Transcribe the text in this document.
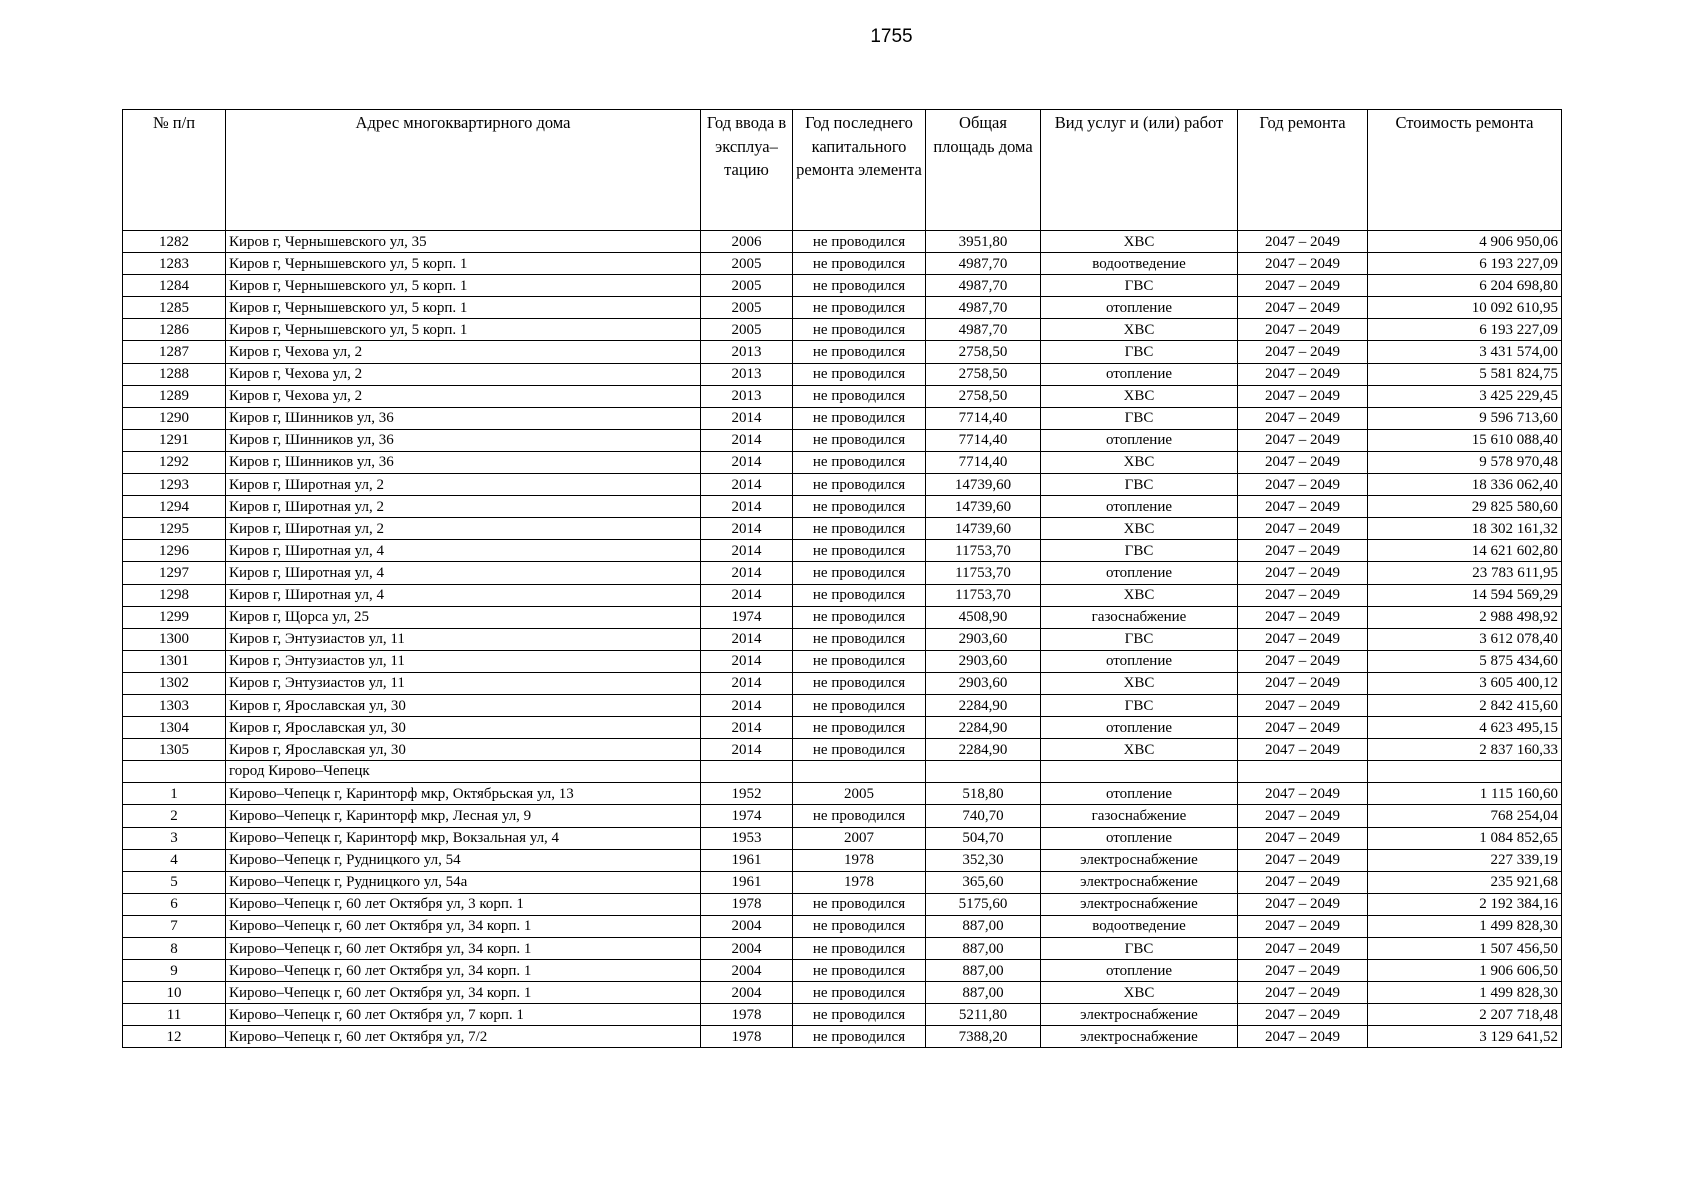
1755
№ п/п	Адрес многоквартирного дома	Год ввода в эксплуа–тацию	Год последнего капитального ремонта элемента	Общая площадь дома	Вид услуг и (или) работ	Год ремонта	Стоимость ремонта
1282	Киров г, Чернышевского ул, 35	2006	не проводился	3951,80	ХВС	2047 – 2049	4 906 950,06
1283	Киров г, Чернышевского ул, 5 корп. 1	2005	не проводился	4987,70	водоотведение	2047 – 2049	6 193 227,09
1284	Киров г, Чернышевского ул, 5 корп. 1	2005	не проводился	4987,70	ГВС	2047 – 2049	6 204 698,80
1285	Киров г, Чернышевского ул, 5 корп. 1	2005	не проводился	4987,70	отопление	2047 – 2049	10 092 610,95
1286	Киров г, Чернышевского ул, 5 корп. 1	2005	не проводился	4987,70	ХВС	2047 – 2049	6 193 227,09
1287	Киров г, Чехова ул, 2	2013	не проводился	2758,50	ГВС	2047 – 2049	3 431 574,00
1288	Киров г, Чехова ул, 2	2013	не проводился	2758,50	отопление	2047 – 2049	5 581 824,75
1289	Киров г, Чехова ул, 2	2013	не проводился	2758,50	ХВС	2047 – 2049	3 425 229,45
1290	Киров г, Шинников ул, 36	2014	не проводился	7714,40	ГВС	2047 – 2049	9 596 713,60
1291	Киров г, Шинников ул, 36	2014	не проводился	7714,40	отопление	2047 – 2049	15 610 088,40
1292	Киров г, Шинников ул, 36	2014	не проводился	7714,40	ХВС	2047 – 2049	9 578 970,48
1293	Киров г, Широтная ул, 2	2014	не проводился	14739,60	ГВС	2047 – 2049	18 336 062,40
1294	Киров г, Широтная ул, 2	2014	не проводился	14739,60	отопление	2047 – 2049	29 825 580,60
1295	Киров г, Широтная ул, 2	2014	не проводился	14739,60	ХВС	2047 – 2049	18 302 161,32
1296	Киров г, Широтная ул, 4	2014	не проводился	11753,70	ГВС	2047 – 2049	14 621 602,80
1297	Киров г, Широтная ул, 4	2014	не проводился	11753,70	отопление	2047 – 2049	23 783 611,95
1298	Киров г, Широтная ул, 4	2014	не проводился	11753,70	ХВС	2047 – 2049	14 594 569,29
1299	Киров г, Щорса ул, 25	1974	не проводился	4508,90	газоснабжение	2047 – 2049	2 988 498,92
1300	Киров г, Энтузиастов ул, 11	2014	не проводился	2903,60	ГВС	2047 – 2049	3 612 078,40
1301	Киров г, Энтузиастов ул, 11	2014	не проводился	2903,60	отопление	2047 – 2049	5 875 434,60
1302	Киров г, Энтузиастов ул, 11	2014	не проводился	2903,60	ХВС	2047 – 2049	3 605 400,12
1303	Киров г, Ярославская ул, 30	2014	не проводился	2284,90	ГВС	2047 – 2049	2 842 415,60
1304	Киров г, Ярославская ул, 30	2014	не проводился	2284,90	отопление	2047 – 2049	4 623 495,15
1305	Киров г, Ярославская ул, 30	2014	не проводился	2284,90	ХВС	2047 – 2049	2 837 160,33
	город Кирово–Чепецк						
1	Кирово–Чепецк г, Каринторф мкр, Октябрьская ул, 13	1952	2005	518,80	отопление	2047 – 2049	1 115 160,60
2	Кирово–Чепецк г, Каринторф мкр, Лесная ул, 9	1974	не проводился	740,70	газоснабжение	2047 – 2049	768 254,04
3	Кирово–Чепецк г, Каринторф мкр, Вокзальная ул, 4	1953	2007	504,70	отопление	2047 – 2049	1 084 852,65
4	Кирово–Чепецк г, Рудницкого ул, 54	1961	1978	352,30	электроснабжение	2047 – 2049	227 339,19
5	Кирово–Чепецк г, Рудницкого ул, 54а	1961	1978	365,60	электроснабжение	2047 – 2049	235 921,68
6	Кирово–Чепецк г, 60 лет Октября ул, 3 корп. 1	1978	не проводился	5175,60	электроснабжение	2047 – 2049	2 192 384,16
7	Кирово–Чепецк г, 60 лет Октября ул, 34 корп. 1	2004	не проводился	887,00	водоотведение	2047 – 2049	1 499 828,30
8	Кирово–Чепецк г, 60 лет Октября ул, 34 корп. 1	2004	не проводился	887,00	ГВС	2047 – 2049	1 507 456,50
9	Кирово–Чепецк г, 60 лет Октября ул, 34 корп. 1	2004	не проводился	887,00	отопление	2047 – 2049	1 906 606,50
10	Кирово–Чепецк г, 60 лет Октября ул, 34 корп. 1	2004	не проводился	887,00	ХВС	2047 – 2049	1 499 828,30
11	Кирово–Чепецк г, 60 лет Октября ул, 7 корп. 1	1978	не проводился	5211,80	электроснабжение	2047 – 2049	2 207 718,48
12	Кирово–Чепецк г, 60 лет Октября ул, 7/2	1978	не проводился	7388,20	электроснабжение	2047 – 2049	3 129 641,52
